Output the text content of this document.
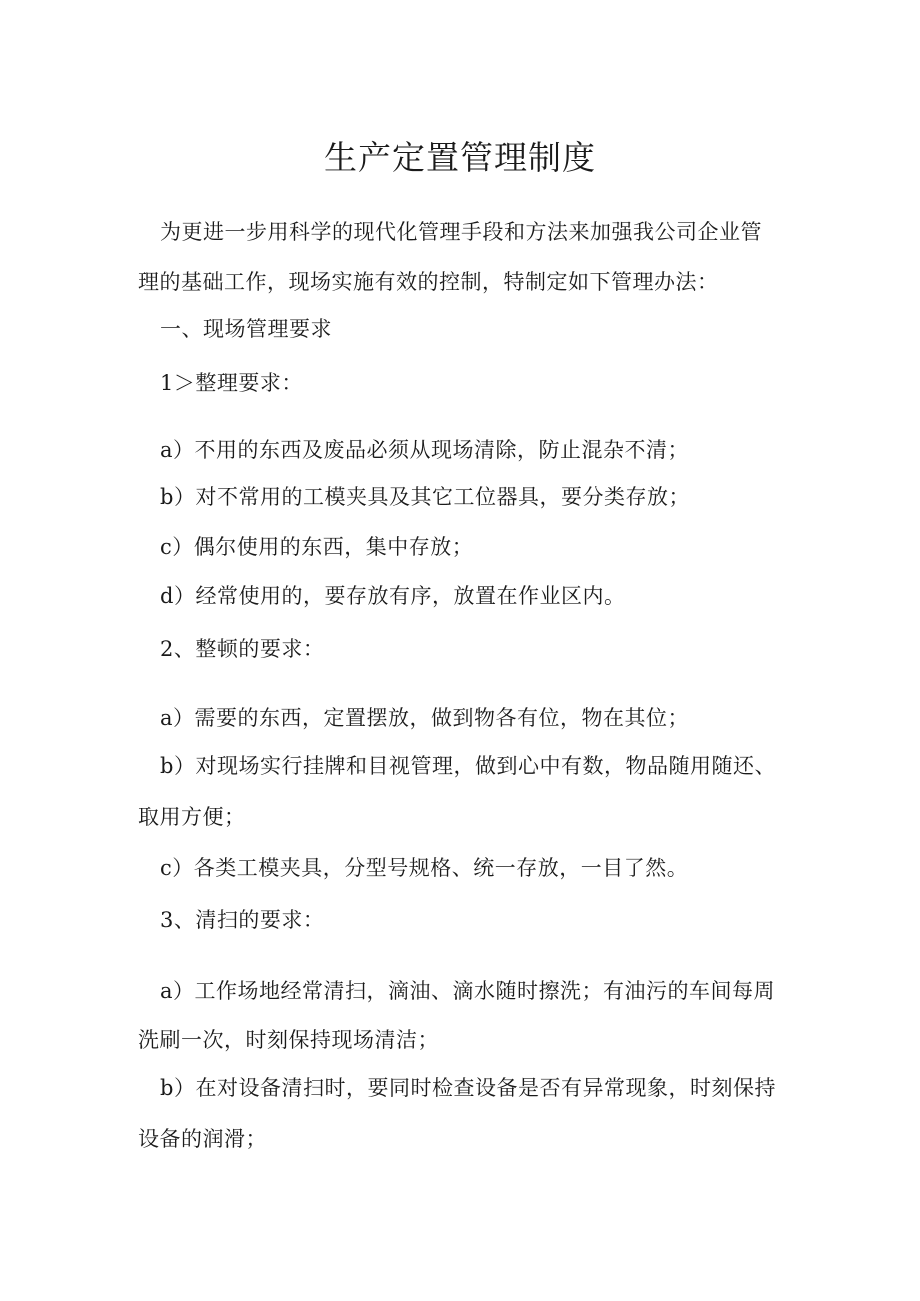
生产定置管理制度
为更进一步用科学的现代化管理手段和方法来加强我公司企业管
理的基础工作，现场实施有效的控制，特制定如下管理办法：
一、现场管理要求
1＞整理要求：
a）不用的东西及废品必须从现场清除，防止混杂不清；
b）对不常用的工模夹具及其它工位器具，要分类存放；
c）偶尔使用的东西，集中存放；
d）经常使用的，要存放有序，放置在作业区内。
2、整顿的要求：
a）需要的东西，定置摆放，做到物各有位，物在其位；
b）对现场实行挂牌和目视管理，做到心中有数，物品随用随还、
取用方便；
c）各类工模夹具，分型号规格、统一存放，一目了然。
3、清扫的要求：
a）工作场地经常清扫，滴油、滴水随时擦洗；有油污的车间每周
洗刷一次，时刻保持现场清洁；
b）在对设备清扫时，要同时检查设备是否有异常现象，时刻保持
设备的润滑；
